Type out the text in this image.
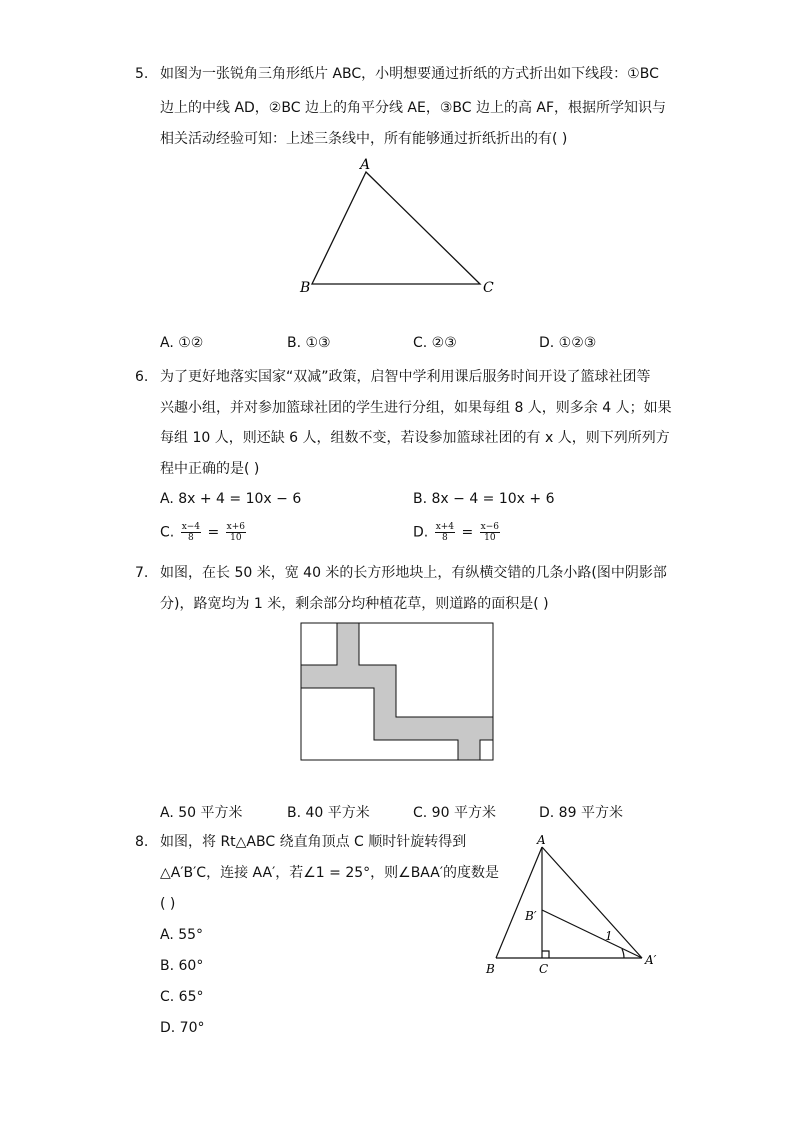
5. 如图为一张锐角三角形纸片 ABC，小明想要通过折纸的方式折出如下线段：①BC
边上的中线 AD，②BC 边上的角平分线 AE，③BC 边上的高 AF，根据所学知识与
相关活动经验可知：上述三条线中，所有能够通过折纸折出的有( )
A
B	C
A. ①②	B. ①③	C. ②③	D. ①②③
6. 为了更好地落实国家“双减”政策，启智中学利用课后服务时间开设了篮球社团等
兴趣小组，并对参加篮球社团的学生进行分组，如果每组 8 人，则多余 4 人；如果
每组 10 人，则还缺 6 人，组数不变，若设参加篮球社团的有 x 人，则下列所列方
程中正确的是( )
A. 8x + 4 = 10x − 6	B. 8x − 4 = 10x + 6
C. $\frac{x-4}{8} = \frac{x+6}{10}$	D. $\frac{x+4}{8} = \frac{x-6}{10}$
7. 如图，在长 50 米，宽 40 米的长方形地块上，有纵横交错的几条小路(图中阴影部
分)，路宽均为 1 米，剩余部分均种植花草，则道路的面积是( )
A. 50 平方米	B. 40 平方米	C. 90 平方米	D. 89 平方米
8. 如图，将 Rt△ABC 绕直角顶点 C 顺时针旋转得到
△A′B′C，连接 AA′，若∠1 = 25°，则∠BAA′的度数是
( )
A. 55°
B. 60°
C. 65°
D. 70°
A
B′
1
A′
B	C
